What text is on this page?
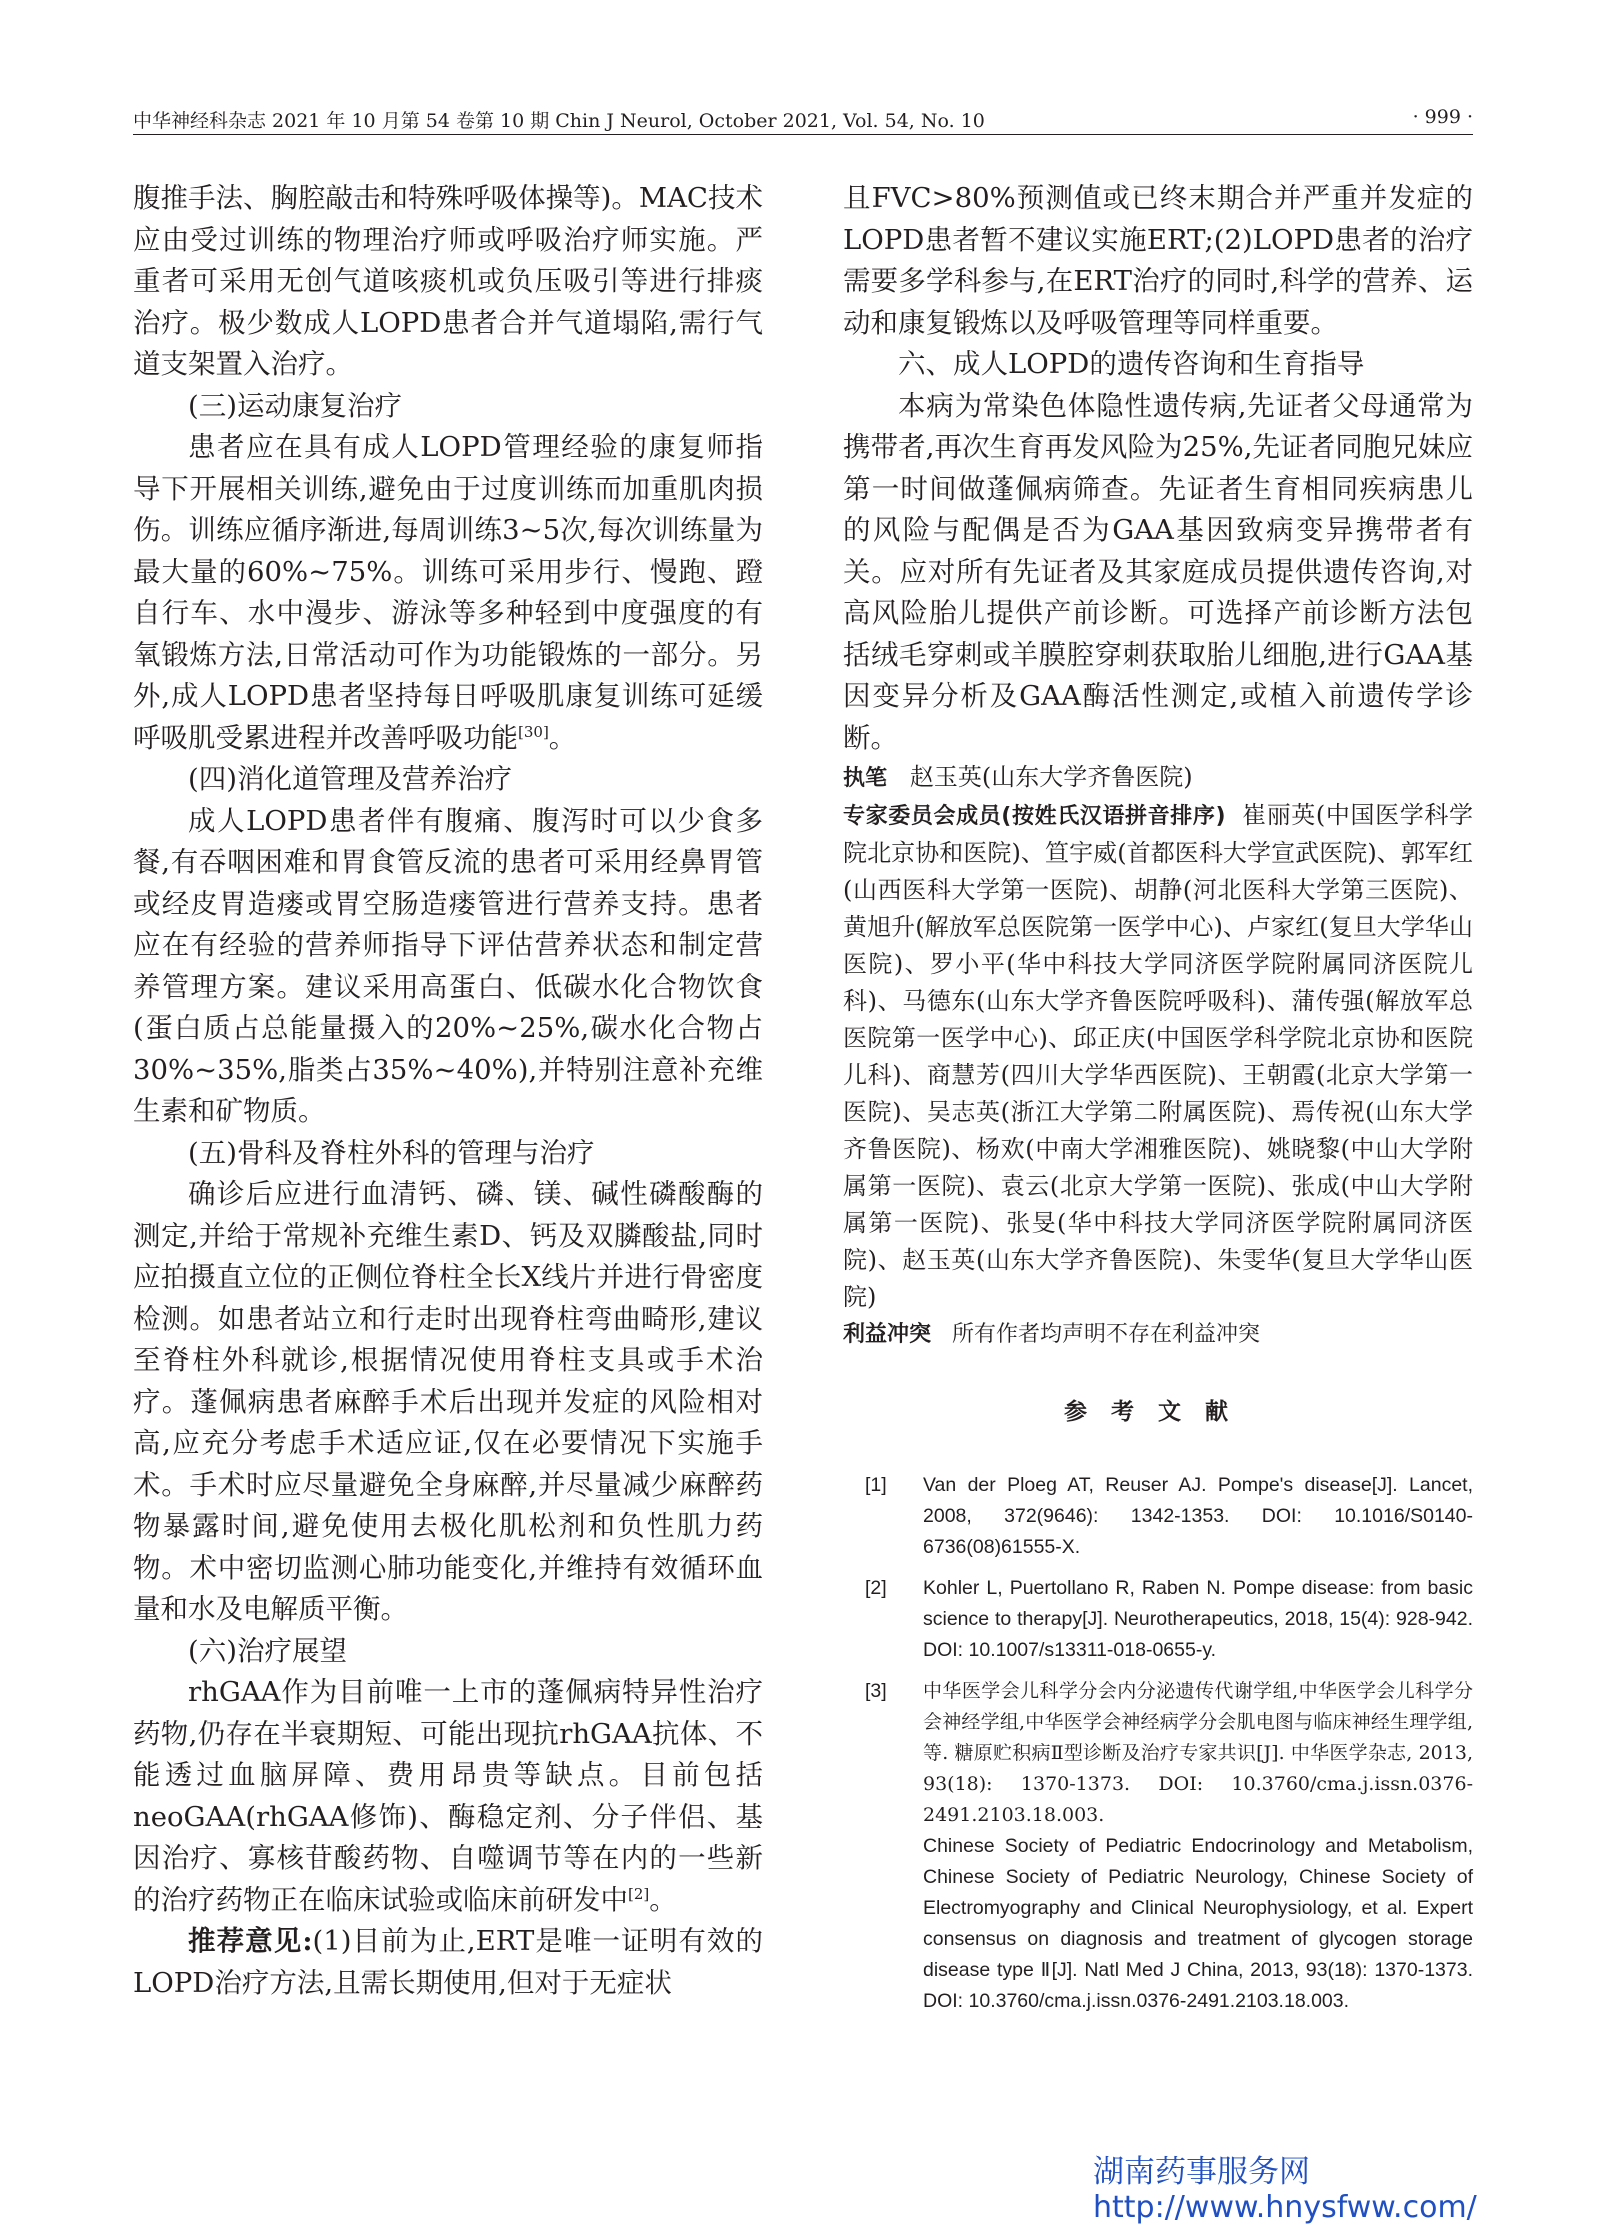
中华神经科杂志 2021 年 10 月第 54 卷第 10 期 Chin J Neurol, October 2021, Vol. 54, No. 10	· 999 ·

腹推手法、胸腔敲击和特殊呼吸体操等)。MAC技术应由受过训练的物理治疗师或呼吸治疗师实施。严重者可采用无创气道咳痰机或负压吸引等进行排痰治疗。极少数成人LOPD患者合并气道塌陷,需行气道支架置入治疗。

(三)运动康复治疗

患者应在具有成人LOPD管理经验的康复师指导下开展相关训练,避免由于过度训练而加重肌肉损伤。训练应循序渐进,每周训练3~5次,每次训练量为最大量的60%~75%。训练可采用步行、慢跑、蹬自行车、水中漫步、游泳等多种轻到中度强度的有氧锻炼方法,日常活动可作为功能锻炼的一部分。另外,成人LOPD患者坚持每日呼吸肌康复训练可延缓呼吸肌受累进程并改善呼吸功能[30]。

(四)消化道管理及营养治疗

成人LOPD患者伴有腹痛、腹泻时可以少食多餐,有吞咽困难和胃食管反流的患者可采用经鼻胃管或经皮胃造瘘或胃空肠造瘘管进行营养支持。患者应在有经验的营养师指导下评估营养状态和制定营养管理方案。建议采用高蛋白、低碳水化合物饮食(蛋白质占总能量摄入的20%~25%,碳水化合物占30%~35%,脂类占35%~40%),并特别注意补充维生素和矿物质。

(五)骨科及脊柱外科的管理与治疗

确诊后应进行血清钙、磷、镁、碱性磷酸酶的测定,并给于常规补充维生素D、钙及双膦酸盐,同时应拍摄直立位的正侧位脊柱全长X线片并进行骨密度检测。如患者站立和行走时出现脊柱弯曲畸形,建议至脊柱外科就诊,根据情况使用脊柱支具或手术治疗。蓬佩病患者麻醉手术后出现并发症的风险相对高,应充分考虑手术适应证,仅在必要情况下实施手术。手术时应尽量避免全身麻醉,并尽量减少麻醉药物暴露时间,避免使用去极化肌松剂和负性肌力药物。术中密切监测心肺功能变化,并维持有效循环血量和水及电解质平衡。

(六)治疗展望

rhGAA作为目前唯一上市的蓬佩病特异性治疗药物,仍存在半衰期短、可能出现抗rhGAA抗体、不能透过血脑屏障、费用昂贵等缺点。目前包括neoGAA(rhGAA修饰)、酶稳定剂、分子伴侣、基因治疗、寡核苷酸药物、自噬调节等在内的一些新的治疗药物正在临床试验或临床前研发中[2]。

推荐意见:(1)目前为止,ERT是唯一证明有效的LOPD治疗方法,且需长期使用,但对于无症状

且FVC>80%预测值或已终末期合并严重并发症的LOPD患者暂不建议实施ERT;(2)LOPD患者的治疗需要多学科参与,在ERT治疗的同时,科学的营养、运动和康复锻炼以及呼吸管理等同样重要。

六、成人LOPD的遗传咨询和生育指导

本病为常染色体隐性遗传病,先证者父母通常为携带者,再次生育再发风险为25%,先证者同胞兄妹应第一时间做蓬佩病筛查。先证者生育相同疾病患儿的风险与配偶是否为GAA基因致病变异携带者有关。应对所有先证者及其家庭成员提供遗传咨询,对高风险胎儿提供产前诊断。可选择产前诊断方法包括绒毛穿刺或羊膜腔穿刺获取胎儿细胞,进行GAA基因变异分析及GAA酶活性测定,或植入前遗传学诊断。

执笔 赵玉英(山东大学齐鲁医院)

专家委员会成员(按姓氏汉语拼音排序) 崔丽英(中国医学科学院北京协和医院)、笪宇威(首都医科大学宣武医院)、郭军红(山西医科大学第一医院)、胡静(河北医科大学第三医院)、黄旭升(解放军总医院第一医学中心)、卢家红(复旦大学华山医院)、罗小平(华中科技大学同济医学院附属同济医院儿科)、马德东(山东大学齐鲁医院呼吸科)、蒲传强(解放军总医院第一医学中心)、邱正庆(中国医学科学院北京协和医院儿科)、商慧芳(四川大学华西医院)、王朝霞(北京大学第一医院)、吴志英(浙江大学第二附属医院)、焉传祝(山东大学齐鲁医院)、杨欢(中南大学湘雅医院)、姚晓黎(中山大学附属第一医院)、袁云(北京大学第一医院)、张成(中山大学附属第一医院)、张旻(华中科技大学同济医学院附属同济医院)、赵玉英(山东大学齐鲁医院)、朱雯华(复旦大学华山医院)

利益冲突 所有作者均声明不存在利益冲突

参考文献
[1] Van der Ploeg AT, Reuser AJ. Pompe's disease[J]. Lancet, 2008, 372(9646): 1342-1353. DOI: 10.1016/S0140-6736(08)61555-X.
[2] Kohler L, Puertollano R, Raben N. Pompe disease: from basic science to therapy[J]. Neurotherapeutics, 2018, 15(4): 928-942. DOI: 10.1007/s13311-018-0655-y.
[3] 中华医学会儿科学分会内分泌遗传代谢学组,中华医学会儿科学分会神经学组,中华医学会神经病学分会肌电图与临床神经生理学组,等. 糖原贮积病Ⅱ型诊断及治疗专家共识[J]. 中华医学杂志, 2013, 93(18): 1370-1373. DOI: 10.3760/cma.j.issn.0376-2491.2103.18.003.
Chinese Society of Pediatric Endocrinology and Metabolism, Chinese Society of Pediatric Neurology, Chinese Society of Electromyography and Clinical Neurophysiology, et al. Expert consensus on diagnosis and treatment of glycogen storage disease type Ⅱ[J]. Natl Med J China, 2013, 93(18): 1370-1373. DOI: 10.3760/cma.j.issn.0376-2491.2103.18.003.
湖南药事服务网
http://www.hnysfww.com/
